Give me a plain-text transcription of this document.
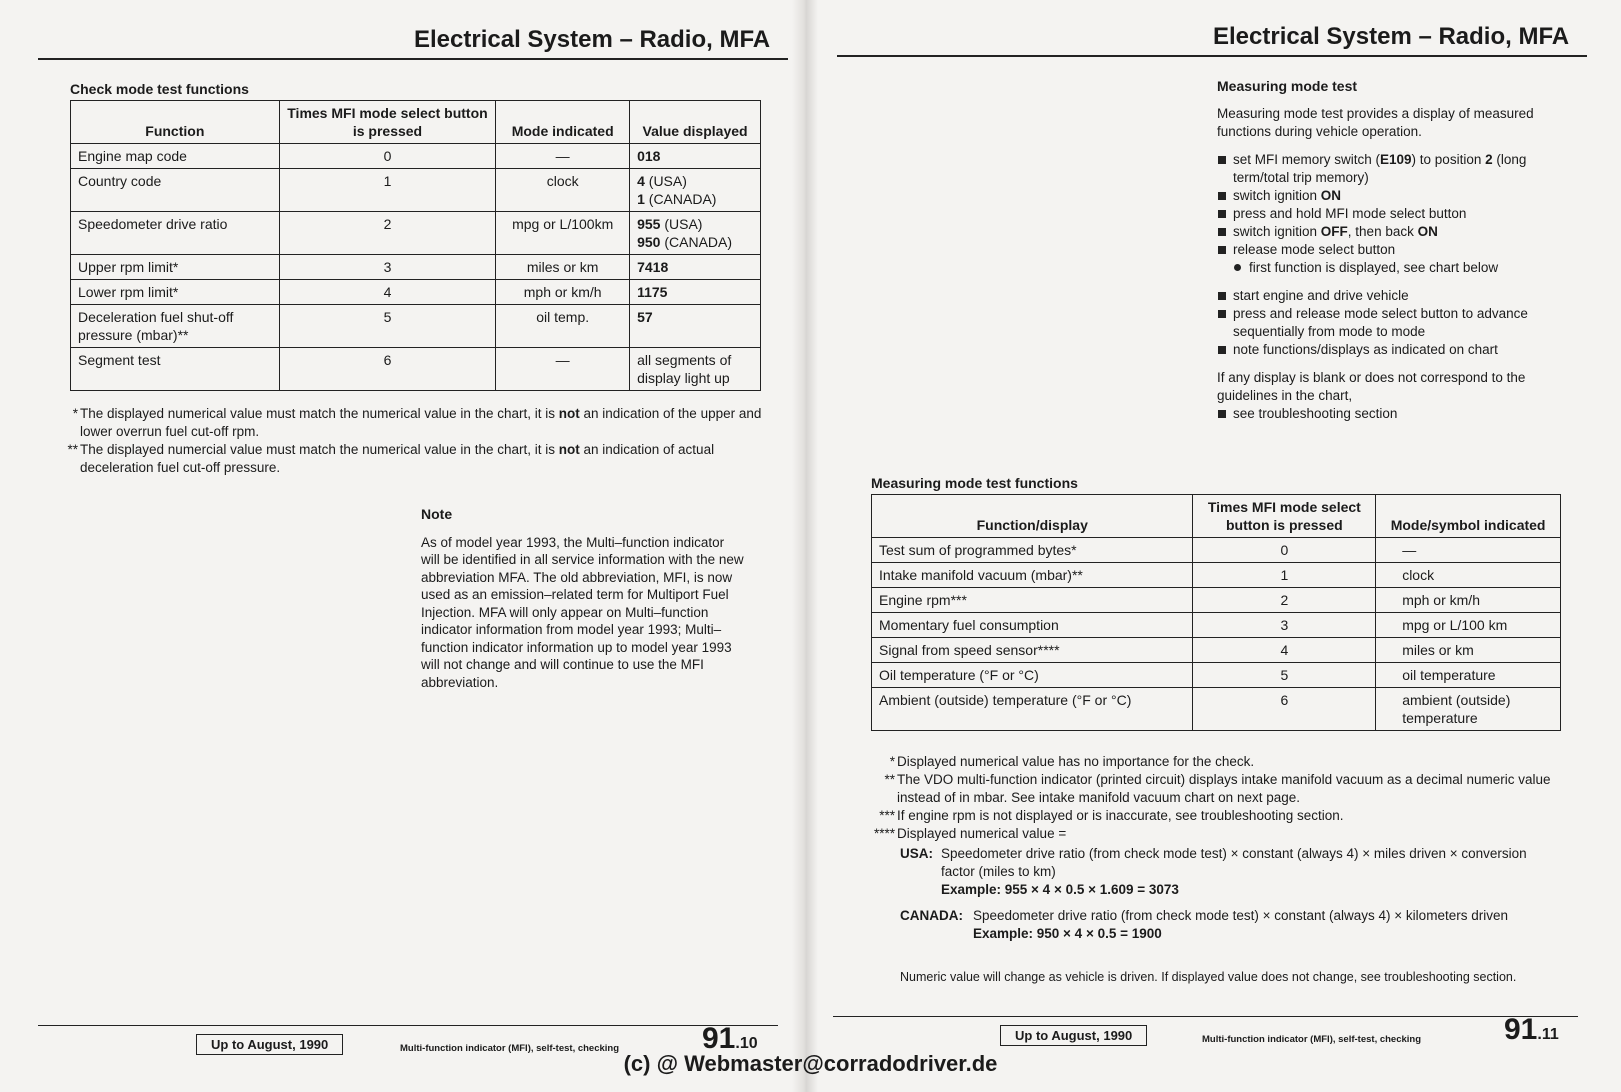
Electrical System – Radio, MFA
Check mode test functions
Function	Times MFI mode select button is pressed	Mode indicated	Value displayed
Engine map code	0	—	018
Country code	1	clock	4 (USA)
1 (CANADA)
Speedometer drive ratio	2	mpg or L/100km	955 (USA)
950 (CANADA)
Upper rpm limit*	3	miles or km	7418
Lower rpm limit*	4	mph or km/h	1175
Deceleration fuel shut-off pressure (mbar)**	5	oil temp.	57
Segment test	6	—	all segments of display light up
* The displayed numerical value must match the numerical value in the chart, it is not an indication of the upper and lower overrun fuel cut-off rpm.
** The displayed numercial value must match the numerical value in the chart, it is not an indication of actual deceleration fuel cut-off pressure.
Note
As of model year 1993, the Multi–function indicator will be identified in all service information with the new abbreviation MFA. The old abbreviation, MFI, is now used as an emission–related term for Multiport Fuel Injection. MFA will only appear on Multi–function indicator information from model year 1993; Multi–function indicator information up to model year 1993 will not change and will continue to use the MFI abbreviation.
Up to August, 1990	Multi-function indicator (MFI), self-test, checking	91.10
Electrical System – Radio, MFA
Measuring mode test

Measuring mode test provides a display of measured functions during vehicle operation.

set MFI memory switch (E109) to position 2 (long term/total trip memory)
switch ignition ON
press and hold MFI mode select button
switch ignition OFF, then back ON
release mode select button
first function is displayed, see chart below
start engine and drive vehicle
press and release mode select button to advance sequentially from mode to mode
note functions/displays as indicated on chart

If any display is blank or does not correspond to the guidelines in the chart,

see troubleshooting section
Measuring mode test functions
Function/display	Times MFI mode select button is pressed	Mode/symbol indicated
Test sum of programmed bytes*	0	—
Intake manifold vacuum (mbar)**	1	clock
Engine rpm***	2	mph or km/h
Momentary fuel consumption	3	mpg or L/100 km
Signal from speed sensor****	4	miles or km
Oil temperature (°F or °C)	5	oil temperature
Ambient (outside) temperature (°F or °C)	6	ambient (outside) temperature
* Displayed numerical value has no importance for the check.
** The VDO multi-function indicator (printed circuit) displays intake manifold vacuum as a decimal numeric value instead of in mbar. See intake manifold vacuum chart on next page.
*** If engine rpm is not displayed or is inaccurate, see troubleshooting section.
**** Displayed numerical value =
USA: Speedometer drive ratio (from check mode test) × constant (always 4) × miles driven × conversion factor (miles to km)
Example: 955 × 4 × 0.5 × 1.609 = 3073
CANADA: Speedometer drive ratio (from check mode test) × constant (always 4) × kilometers driven
Example: 950 × 4 × 0.5 = 1900
Numeric value will change as vehicle is driven. If displayed value does not change, see troubleshooting section.
Up to August, 1990	Multi-function indicator (MFI), self-test, checking	91.11
(c) @ Webmaster@corradodriver.de
